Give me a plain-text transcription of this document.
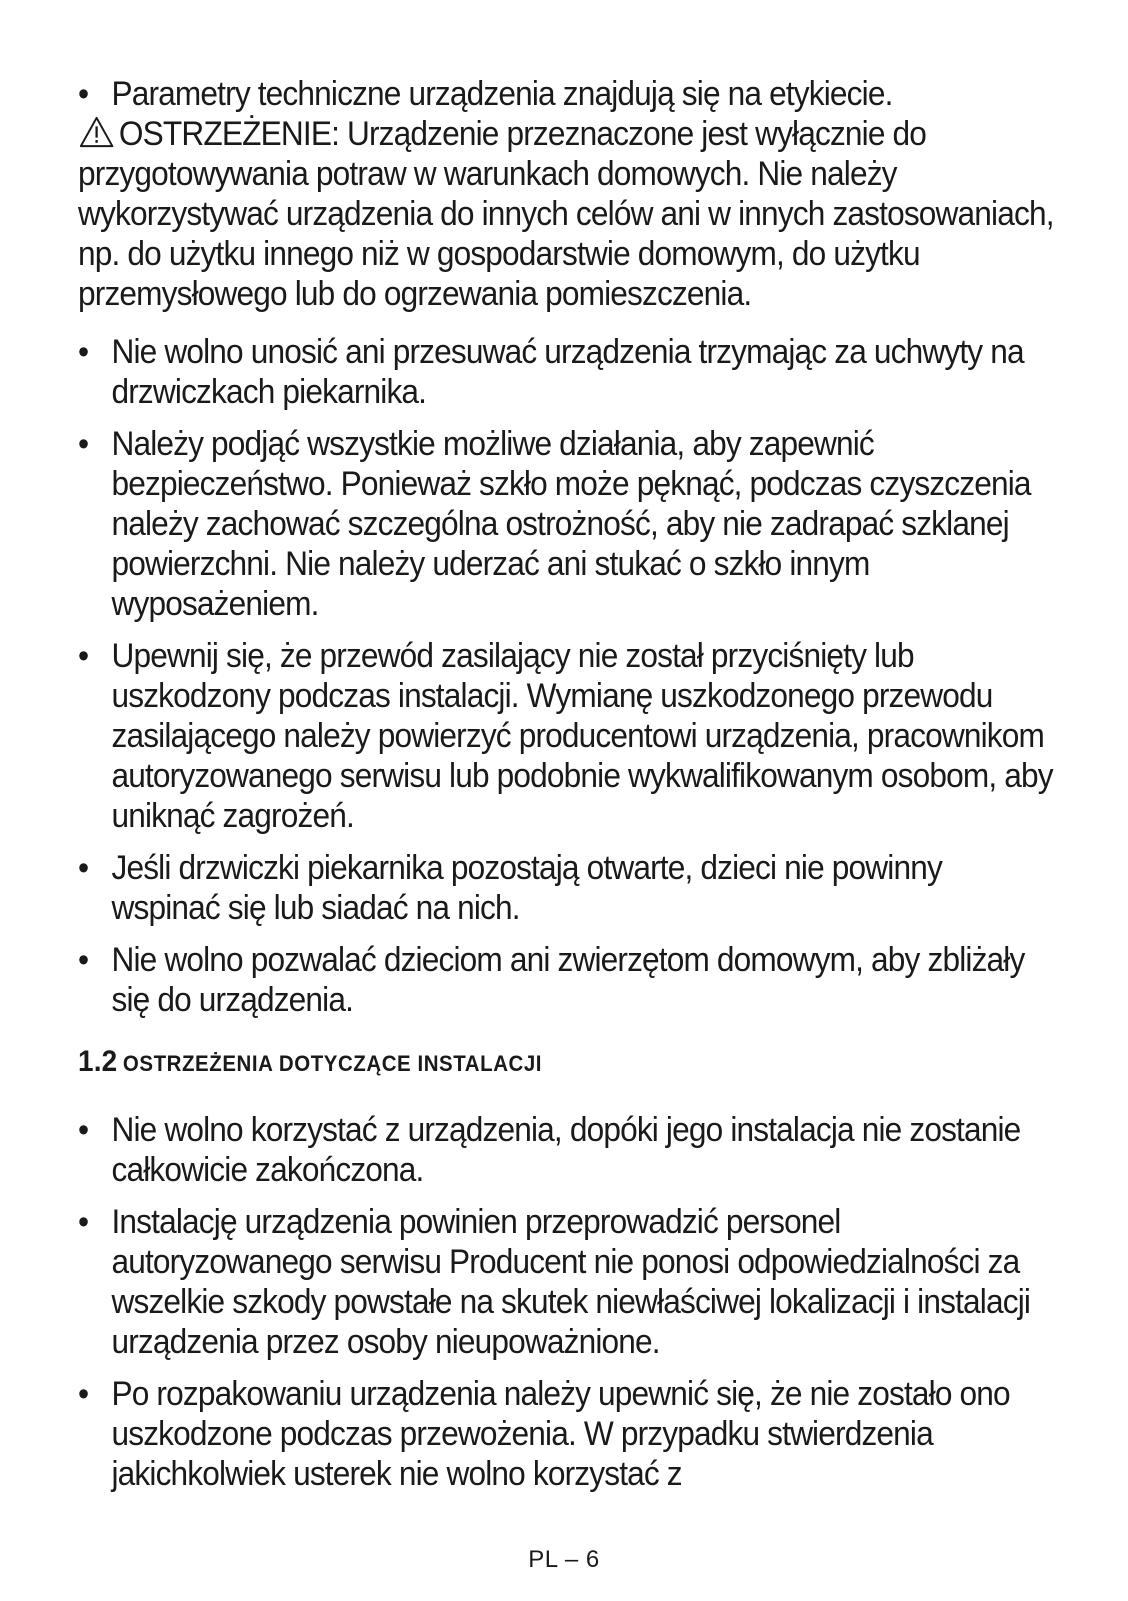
• Parametry techniczne urządzenia znajdują się na etykiecie.
OSTRZEŻENIE: Urządzenie przeznaczone jest wyłącznie do przygotowywania potraw w warunkach domowych. Nie należy wykorzystywać urządzenia do innych celów ani w innych zastosowaniach, np. do użytku innego niż w gospodarstwie domowym, do użytku przemysłowego lub do ogrzewania pomieszczenia.
• Nie wolno unosić ani przesuwać urządzenia trzymając za uchwyty na drzwiczkach piekarnika.
• Należy podjąć wszystkie możliwe działania, aby zapewnić bezpieczeństwo. Ponieważ szkło może pęknąć, podczas czyszczenia należy zachować szczególna ostrożność, aby nie zadrapać szklanej powierzchni. Nie należy uderzać ani stukać o szkło innym wyposażeniem.
• Upewnij się, że przewód zasilający nie został przyciśnięty lub uszkodzony podczas instalacji. Wymianę uszkodzonego przewodu zasilającego należy powierzyć producentowi urządzenia, pracownikom autoryzowanego serwisu lub podobnie wykwalifikowanym osobom, aby uniknąć zagrożeń.
• Jeśli drzwiczki piekarnika pozostają otwarte, dzieci nie powinny wspinać się lub siadać na nich.
• Nie wolno pozwalać dzieciom ani zwierzętom domowym, aby zbliżały się do urządzenia.
1.2 OSTRZEŻENIA DOTYCZĄCE INSTALACJI
• Nie wolno korzystać z urządzenia, dopóki jego instalacja nie zostanie całkowicie zakończona.
• Instalację urządzenia powinien przeprowadzić personel autoryzowanego serwisu Producent nie ponosi odpowiedzialności za wszelkie szkody powstałe na skutek niewłaściwej lokalizacji i instalacji urządzenia przez osoby nieupoważnione.
• Po rozpakowaniu urządzenia należy upewnić się, że nie zostało ono uszkodzone podczas przewożenia. W przypadku stwierdzenia jakichkolwiek usterek nie wolno korzystać z
PL – 6
